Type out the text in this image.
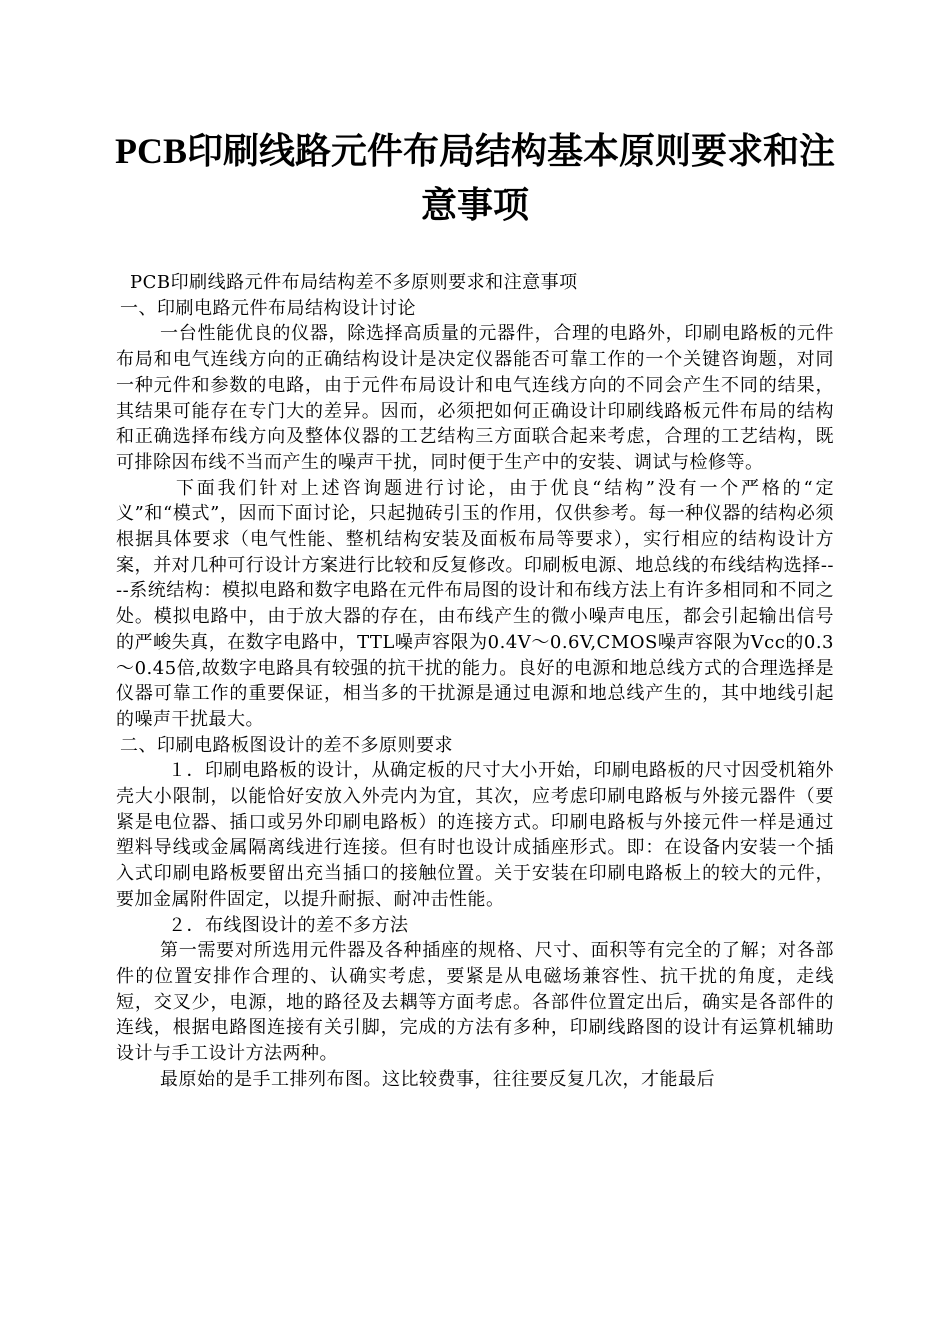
PCB印刷线路元件布局结构基本原则要求和注意事项

PCB印刷线路元件布局结构差不多原则要求和注意事项

一、印刷电路元件布局结构设计讨论

一台性能优良的仪器，除选择高质量的元器件，合理的电路外，印刷电路板的元件布局和电气连线方向的正确结构设计是决定仪器能否可靠工作的一个关键咨询题，对同一种元件和参数的电路，由于元件布局设计和电气连线方向的不同会产生不同的结果，其结果可能存在专门大的差异。因而，必须把如何正确设计印刷线路板元件布局的结构和正确选择布线方向及整体仪器的工艺结构三方面联合起来考虑，合理的工艺结构，既可排除因布线不当而产生的噪声干扰，同时便于生产中的安装、调试与检修等。

下面我们针对上述咨询题进行讨论，由于优良“结构”没有一个严格的“定义”和“模式”，因而下面讨论，只起抛砖引玉的作用，仅供参考。每一种仪器的结构必须根据具体要求（电气性能、整机结构安装及面板布局等要求），实行相应的结构设计方案，并对几种可行设计方案进行比较和反复修改。印刷板电源、地总线的布线结构选择----系统结构：模拟电路和数字电路在元件布局图的设计和布线方法上有许多相同和不同之处。模拟电路中，由于放大器的存在，由布线产生的微小噪声电压，都会引起输出信号的严峻失真，在数字电路中，TTL噪声容限为0.4V～0.6V,CMOS噪声容限为Vcc的0.3～0.45倍,故数字电路具有较强的抗干扰的能力。良好的电源和地总线方式的合理选择是仪器可靠工作的重要保证，相当多的干扰源是通过电源和地总线产生的，其中地线引起的噪声干扰最大。

二、印刷电路板图设计的差不多原则要求

１．印刷电路板的设计，从确定板的尺寸大小开始，印刷电路板的尺寸因受机箱外壳大小限制，以能恰好安放入外壳内为宜，其次，应考虑印刷电路板与外接元器件（要紧是电位器、插口或另外印刷电路板）的连接方式。印刷电路板与外接元件一样是通过塑料导线或金属隔离线进行连接。但有时也设计成插座形式。即：在设备内安装一个插入式印刷电路板要留出充当插口的接触位置。关于安装在印刷电路板上的较大的元件，要加金属附件固定，以提升耐振、耐冲击性能。

２．布线图设计的差不多方法

第一需要对所选用元件器及各种插座的规格、尺寸、面积等有完全的了解；对各部件的位置安排作合理的、认确实考虑，要紧是从电磁场兼容性、抗干扰的角度，走线短，交叉少，电源，地的路径及去耦等方面考虑。各部件位置定出后，确实是各部件的连线，根据电路图连接有关引脚，完成的方法有多种，印刷线路图的设计有运算机辅助设计与手工设计方法两种。

最原始的是手工排列布图。这比较费事，往往要反复几次，才能最后
